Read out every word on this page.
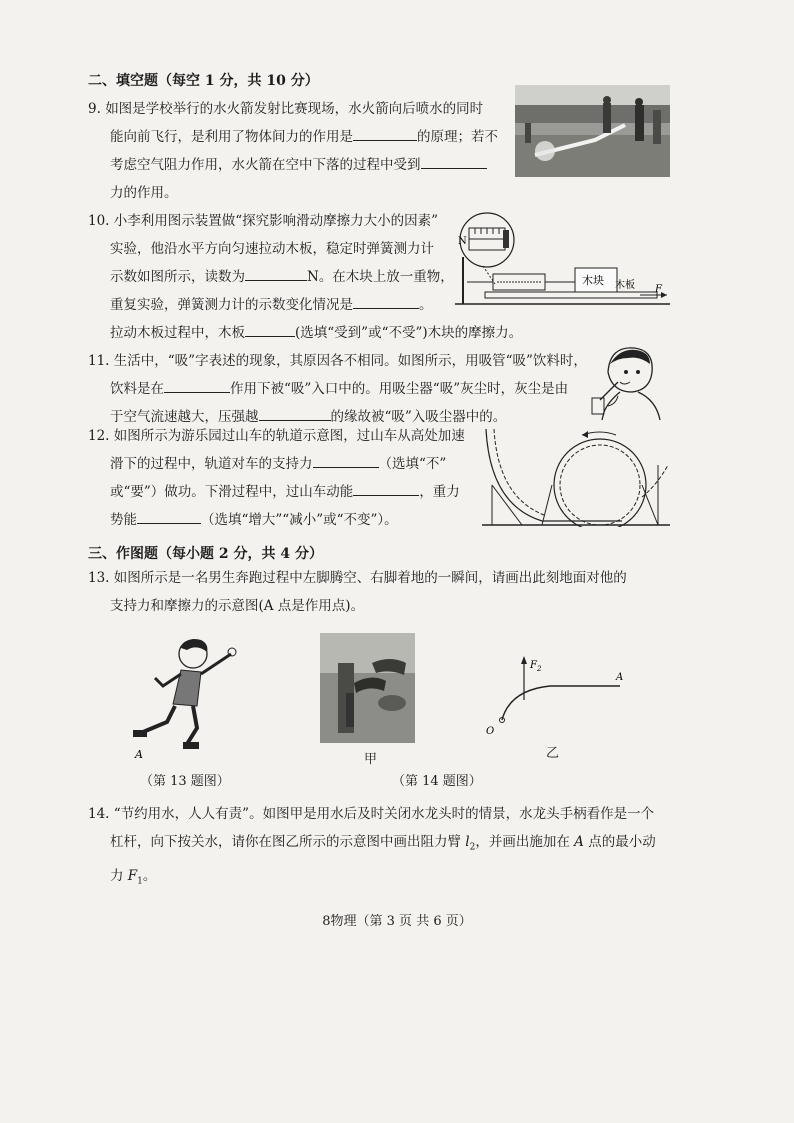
二、填空题（每空 1 分，共 10 分）
9. 如图是学校举行的水火箭发射比赛现场，水火箭向后喷水的同时
能向前飞行，是利用了物体间力的作用是	的原理；若不
考虑空气阻力作用，水火箭在空中下落的过程中受到
力的作用。
10. 小李利用图示装置做“探究影响滑动摩擦力大小的因素”
实验，他沿水平方向匀速拉动木板，稳定时弹簧测力计
示数如图所示，读数为	N。在木块上放一重物，
重复实验，弹簧测力计的示数变化情况是	。
拉动木板过程中，木板	(选填“受到”或“不受”)木块的摩擦力。
N
木块 木板 F
11. 生活中，“吸”字表述的现象，其原因各不相同。如图所示，用吸管“吸”饮料时，
饮料是在	作用下被“吸”入口中的。用吸尘器“吸”灰尘时，灰尘是由
于空气流速越大，压强越	的缘故被“吸”入吸尘器中的。
12. 如图所示为游乐园过山车的轨道示意图，过山车从高处加速
滑下的过程中，轨道对车的支持力	（选填“不”
或“要”）做功。下滑过程中，过山车动能	，重力
势能	（选填“增大”“减小”或“不变”）。
三、作图题（每小题 2 分，共 4 分）
13. 如图所示是一名男生奔跑过程中左脚腾空、右脚着地的一瞬间，请画出此刻地面对他的
支持力和摩擦力的示意图(A 点是作用点)。
A
（第 13 题图）
甲
$F_2$
O
A
乙
（第 14 题图）
14. “节约用水，人人有责”。如图甲是用水后及时关闭水龙头时的情景，水龙头手柄看作是一个
杠杆，向下按关水，请你在图乙所示的示意图中画出阻力臂 $l_2$，并画出施加在 A 点的最小动
力 $F_1$。
8物理（第 3 页 共 6 页）
